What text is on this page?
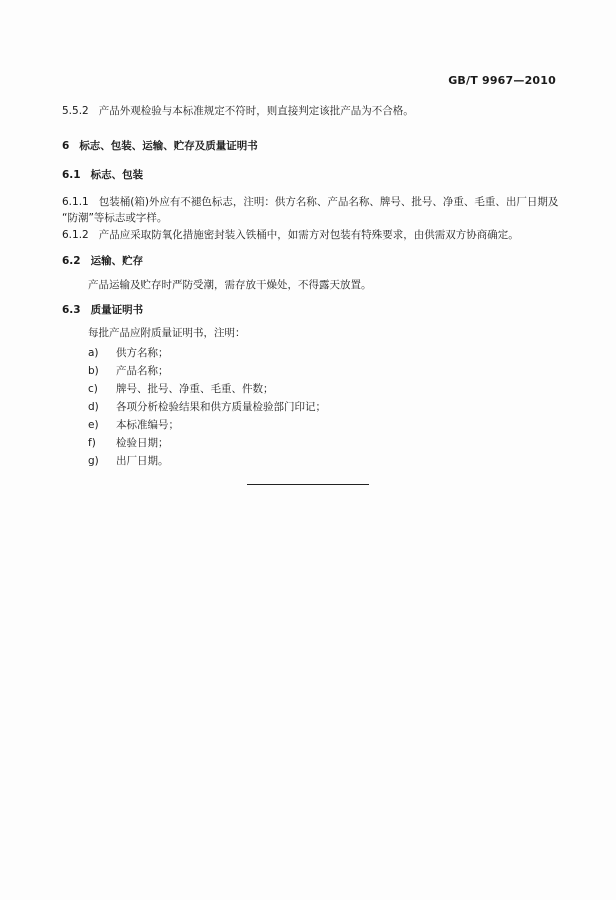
GB/T 9967—2010
5.5.2 产品外观检验与本标准规定不符时，则直接判定该批产品为不合格。
6 标志、包装、运输、贮存及质量证明书
6.1 标志、包装
6.1.1 包装桶(箱)外应有不褪色标志，注明：供方名称、产品名称、牌号、批号、净重、毛重、出厂日期及
“防潮”等标志或字样。
6.1.2 产品应采取防氧化措施密封装入铁桶中，如需方对包装有特殊要求，由供需双方协商确定。
6.2 运输、贮存
产品运输及贮存时严防受潮，需存放干燥处，不得露天放置。
6.3 质量证明书
每批产品应附质量证明书，注明：
a) 供方名称；
b) 产品名称；
c) 牌号、批号、净重、毛重、件数；
d) 各项分析检验结果和供方质量检验部门印记；
e) 本标准编号；
f) 检验日期；
g) 出厂日期。
